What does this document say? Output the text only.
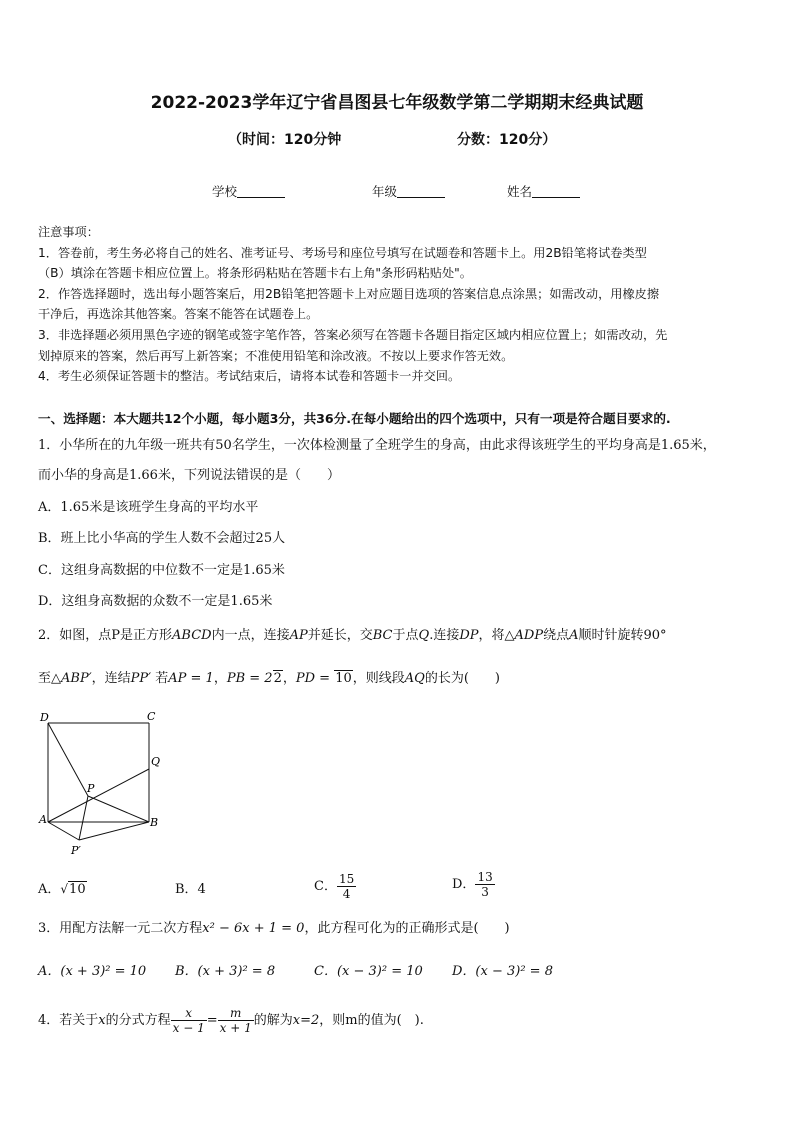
2022-2023学年辽宁省昌图县七年级数学第二学期期末经典试题
（时间：120分钟	分数：120分）
学校	年级	姓名

注意事项：

1．答卷前，考生务必将自己的姓名、准考证号、考场号和座位号填写在试题卷和答题卡上。用2B铅笔将试卷类型

（B）填涂在答题卡相应位置上。将条形码粘贴在答题卡右上角"条形码粘贴处"。

2．作答选择题时，选出每小题答案后，用2B铅笔把答题卡上对应题目选项的答案信息点涂黑；如需改动，用橡皮擦

干净后，再选涂其他答案。答案不能答在试题卷上。

3．非选择题必须用黑色字迹的钢笔或签字笔作答，答案必须写在答题卡各题目指定区域内相应位置上；如需改动，先

划掉原来的答案，然后再写上新答案；不准使用铅笔和涂改液。不按以上要求作答无效。

4．考生必须保证答题卡的整洁。考试结束后，请将本试卷和答题卡一并交回。

一、选择题：本大题共12个小题，每小题3分，共36分.在每小题给出的四个选项中，只有一项是符合题目要求的.
1．小华所在的九年级一班共有50名学生，一次体检测量了全班学生的身高，由此求得该班学生的平均身高是1.65米，
而小华的身高是1.66米，下列说法错误的是（　　）
A．1.65米是该班学生身高的平均水平
B．班上比小华高的学生人数不会超过25人
C．这组身高数据的中位数不一定是1.65米
D．这组身高数据的众数不一定是1.65米
2．如图，点P是正方形ABCD内一点，连接AP并延长，交BC于点Q.连接DP，将△ADP绕点A顺时针旋转90°
至△ABP′，连结PP′ 若AP = 1，PB = 22，PD = 10，则线段AQ的长为(　　)
D	C
Q
P
A	B
P′
A．√10	B．4	C． $\frac{15}{4}$	D． $\frac{13}{3}$
3．用配方法解一元二次方程x² − 6x + 1 = 0，此方程可化为的正确形式是(　　)
A．(x + 3)² = 10 B．(x + 3)² = 8	C．(x − 3)² = 10 D．(x − 3)² = 8
4．若关于x的分式方程 $\frac{x}{x - 1} = \frac{m}{x + 1}$ 的解为x=2，则m的值为(　).
